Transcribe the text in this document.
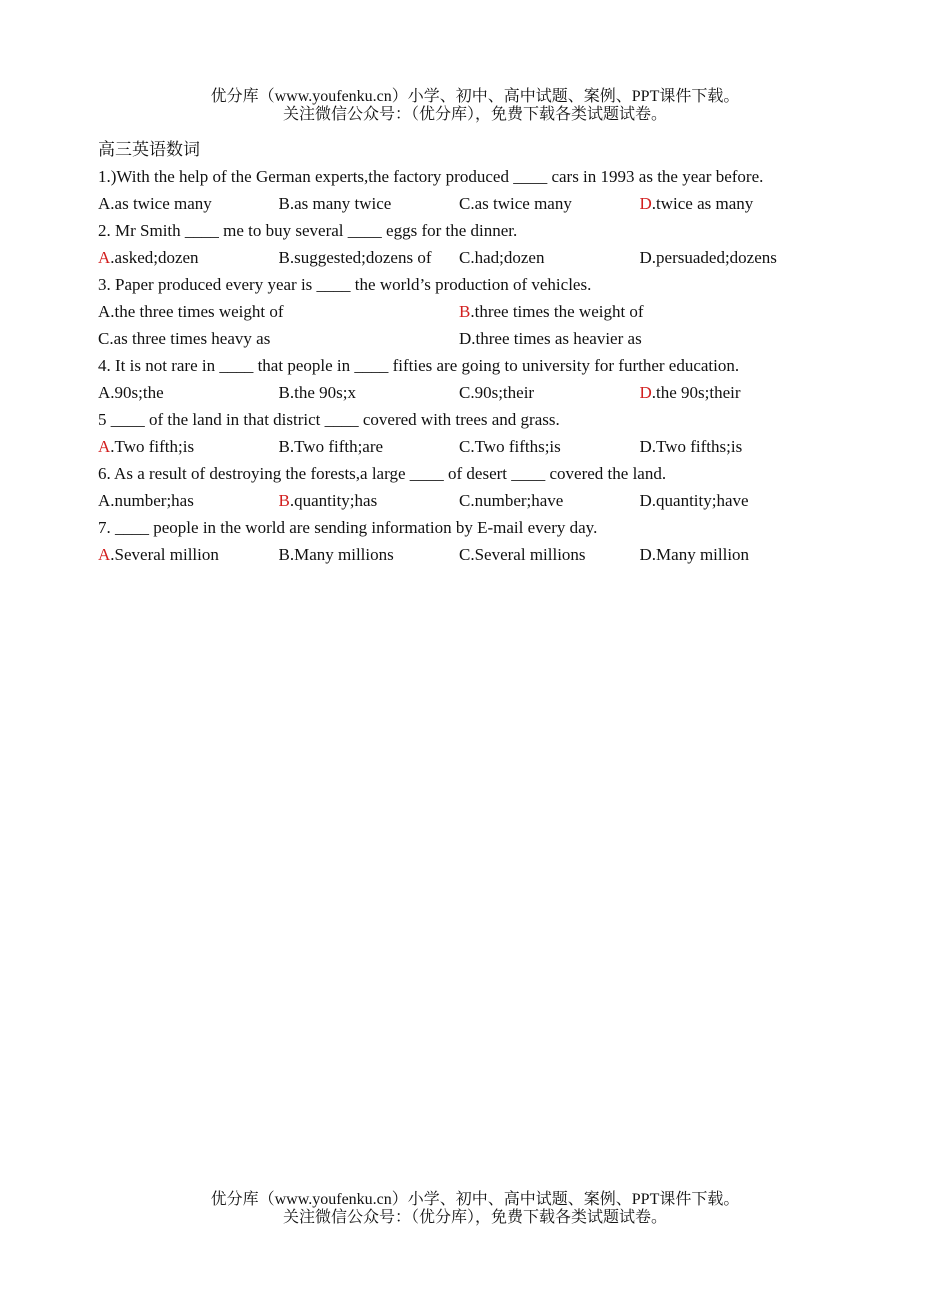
优分库（www.youfenku.cn）小学、初中、高中试题、案例、PPT课件下载。
关注微信公众号：（优分库），免费下载各类试题试卷。
高三英语数词
1.)With the help of the German experts,the factory produced ____ cars in 1993 as the year before.
A.as twice many	B.as many twice	C.as twice many	D.twice as many
2. Mr Smith ____ me to buy several ____ eggs for the dinner.
A.asked;dozen	B.suggested;dozens of	C.had;dozen	D.persuaded;dozens
3. Paper produced every year is ____ the world’s production of vehicles.
A.the three times weight of	B.three times the weight of
C.as three times heavy as	D.three times as heavier as
4. It is not rare in ____ that people in ____ fifties are going to university for further education.
A.90s;the	B.the 90s;x	C.90s;their	D.the 90s;their
5 ____ of the land in that district ____ covered with trees and grass.
A.Two fifth;is	B.Two fifth;are	C.Two fifths;is	D.Two fifths;is
6. As a result of destroying the forests,a large ____ of desert ____ covered the land.
A.number;has	B.quantity;has	C.number;have	D.quantity;have
7. ____ people in the world are sending information by E-mail every day.
A.Several million	B.Many millions	C.Several millions	D.Many million
优分库（www.youfenku.cn）小学、初中、高中试题、案例、PPT课件下载。
关注微信公众号：（优分库），免费下载各类试题试卷。
